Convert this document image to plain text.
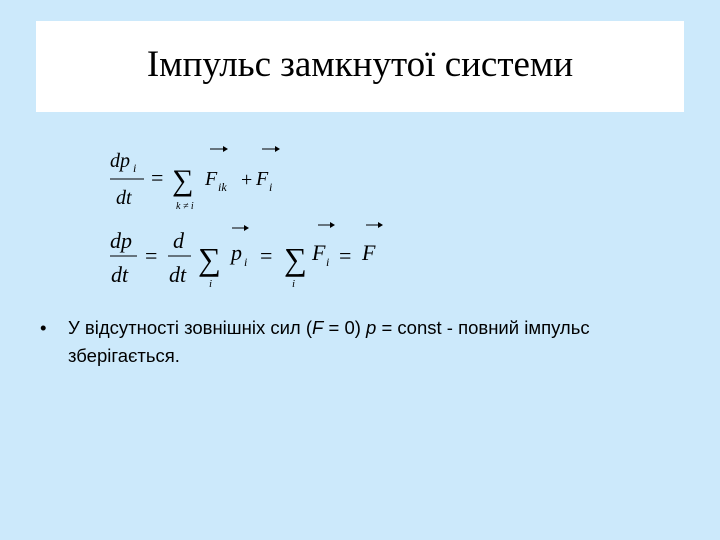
Імпульс замкнутої системи
dp i
dt
= ∑
k ≠ i
F ik + F i
dp
dt
=
d
dt ∑
i
p i = ∑
i
F i = F
• У відсутності зовнішніх сил (F = 0) p = const - повний імпульс зберігається.
